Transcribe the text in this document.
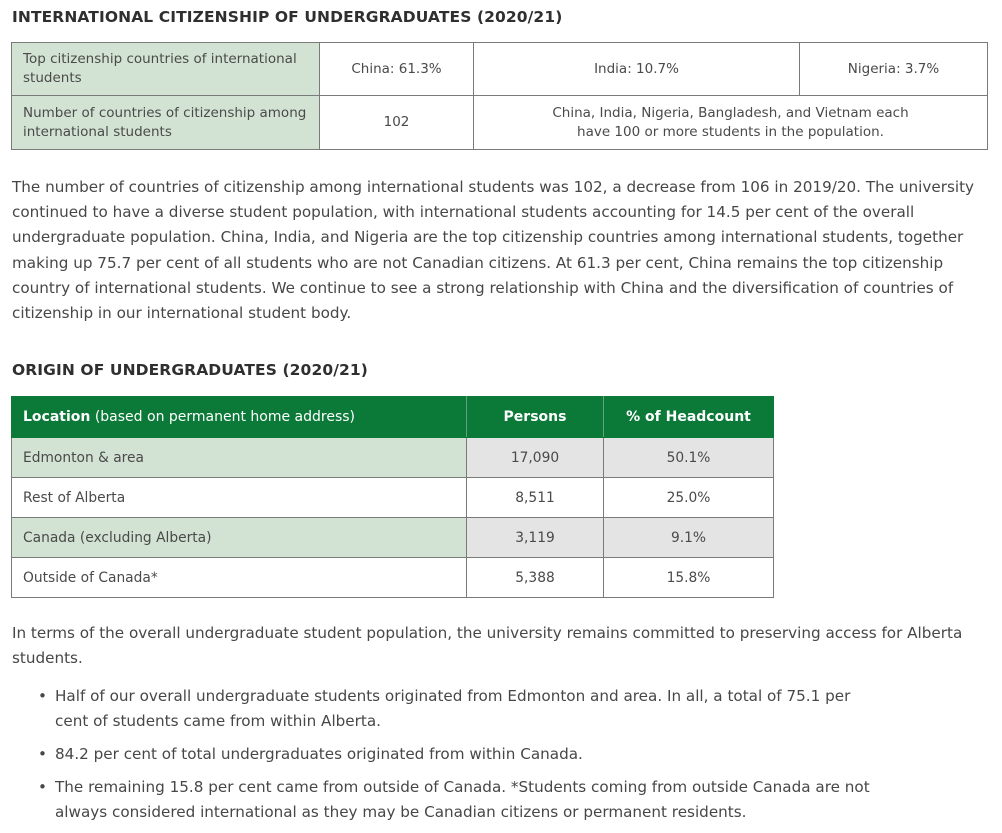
INTERNATIONAL CITIZENSHIP OF UNDERGRADUATES (2020/21)
Top citizenship countries of international students	China: 61.3%	India: 10.7%	Nigeria: 3.7%
Number of countries of citizenship among international students	102	China, India, Nigeria, Bangladesh, and Vietnam each have 100 or more students in the population.	

The number of countries of citizenship among international students was 102, a decrease from 106 in 2019/20. The university continued to have a diverse student population, with international students accounting for 14.5 per cent of the overall undergraduate population. China, India, and Nigeria are the top citizenship countries among international students, together making up 75.7 per cent of all students who are not Canadian citizens. At 61.3 per cent, China remains the top citizenship country of international students. We continue to see a strong relationship with China and the diversification of countries of citizenship in our international student body.

ORIGIN OF UNDERGRADUATES (2020/21)
Location (based on permanent home address)	Persons	% of Headcount
Edmonton & area	17,090	50.1%
Rest of Alberta	8,511	25.0%
Canada (excluding Alberta)	3,119	9.1%
Outside of Canada*	5,388	15.8%

In terms of the overall undergraduate student population, the university remains committed to preserving access for Alberta students.

• Half of our overall undergraduate students originated from Edmonton and area. In all, a total of 75.1 per cent of students came from within Alberta.
• 84.2 per cent of total undergraduates originated from within Canada.
• The remaining 15.8 per cent came from outside of Canada. *Students coming from outside Canada are not always considered international as they may be Canadian citizens or permanent residents.
